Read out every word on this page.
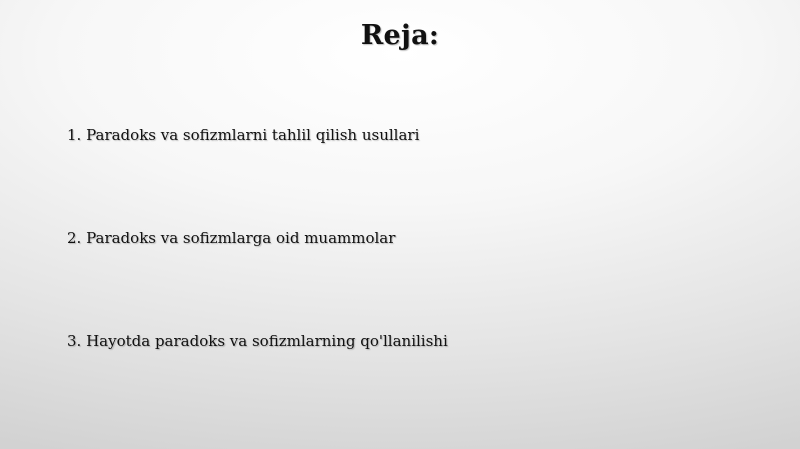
Reja:
1. Paradoks va sofizmlarni tahlil qilish usullari
2. Paradoks va sofizmlarga oid muammolar
3. Hayotda paradoks va sofizmlarning qo'llanilishi
